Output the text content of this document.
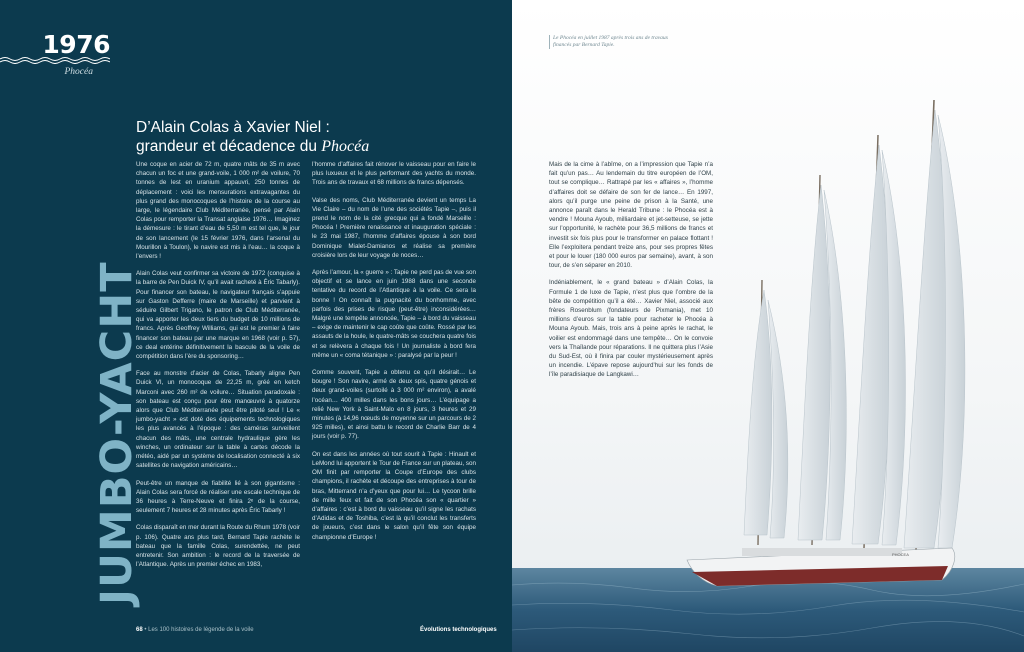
1976
Phocéa
JUMBO-YACHT
D’Alain Colas à Xavier Niel :
grandeur et décadence du Phocéa

Une coque en acier de 72 m, quatre mâts de 35 m avec chacun un foc et une grand-voile, 1 000 m² de voilure, 70 tonnes de lest en uranium appauvri, 250 tonnes de déplacement : voici les mensurations extravagantes du plus grand des monocoques de l’histoire de la course au large, le légendaire Club Méditerranée, pensé par Alain Colas pour remporter la Transat anglaise 1976… Imaginez la démesure : le tirant d’eau de 5,50 m est tel que, le jour de son lancement (le 15 février 1976, dans l’arsenal du Mourillon à Toulon), le navire est mis à l’eau… la coque à l’envers !

Alain Colas veut confirmer sa victoire de 1972 (conquise à la barre de Pen Duick IV, qu’il avait racheté à Éric Tabarly). Pour financer son bateau, le navigateur français s’appuie sur Gaston Defferre (maire de Marseille) et parvient à séduire Gilbert Trigano, le patron de Club Méditerranée, qui va apporter les deux tiers du budget de 10 millions de francs. Après Geoffrey Williams, qui est le premier à faire financer son bateau par une marque en 1968 (voir p. 57), ce deal entérine définitivement la bascule de la voile de compétition dans l’ère du sponsoring…

Face au monstre d’acier de Colas, Tabarly aligne Pen Duick VI, un monocoque de 22,25 m, gréé en ketch Marconi avec 260 m² de voilure… Situation paradoxale : son bateau est conçu pour être manœuvré à quatorze alors que Club Méditerranée peut être piloté seul ! Le « jumbo-yacht » est doté des équipements technologiques les plus avancés à l’époque : des caméras surveillent chacun des mâts, une centrale hydraulique gère les winches, un ordinateur sur la table à cartes décode la météo, aidé par un système de localisation connecté à six satellites de navigation américains…

Peut-être un manque de fiabilité lié à son gigantisme : Alain Colas sera forcé de réaliser une escale technique de 36 heures à Terre-Neuve et finira 2ᵉ de la course, seulement 7 heures et 28 minutes après Éric Tabarly !

Colas disparaît en mer durant la Route du Rhum 1978 (voir p. 106). Quatre ans plus tard, Bernard Tapie rachète le bateau que la famille Colas, surendettée, ne peut entretenir. Son ambition : le record de la traversée de l’Atlantique. Après un premier échec en 1983,

l’homme d’affaires fait rénover le vaisseau pour en faire le plus luxueux et le plus performant des yachts du monde. Trois ans de travaux et 68 millions de francs dépensés.

Valse des noms, Club Méditerranée devient un temps La Vie Claire – du nom de l’une des sociétés Tapie –, puis il prend le nom de la cité grecque qui a fondé Marseille : Phocéa ! Première renaissance et inauguration spéciale : le 23 mai 1987, l’homme d’affaires épouse à son bord Dominique Mialet-Damianos et réalise sa première croisière lors de leur voyage de noces…

Après l’amour, la « guerre » : Tapie ne perd pas de vue son objectif et se lance en juin 1988 dans une seconde tentative du record de l’Atlantique à la voile. Ce sera la bonne ! On connaît la pugnacité du bonhomme, avec parfois des prises de risque (peut-être) inconsidérées… Malgré une tempête annoncée, Tapie – à bord du vaisseau – exige de maintenir le cap coûte que coûte. Rossé par les assauts de la houle, le quatre-mâts se couchera quatre fois et se relèvera à chaque fois ! Un journaliste à bord fera même un « coma tétanique » : paralysé par la peur !

Comme souvent, Tapie a obtenu ce qu’il désirait… Le bougre ! Son navire, armé de deux spis, quatre génois et deux grand-voiles (surtoilé à 3 000 m² environ), a avalé l’océan… 400 milles dans les bons jours… L’équipage a relié New York à Saint-Malo en 8 jours, 3 heures et 29 minutes (à 14,96 nœuds de moyenne sur un parcours de 2 925 milles), et ainsi battu le record de Charlie Barr de 4 jours (voir p. 77).

On est dans les années où tout sourit à Tapie : Hinault et LeMond lui apportent le Tour de France sur un plateau, son OM finit par remporter la Coupe d’Europe des clubs champions, il rachète et découpe des entreprises à tour de bras, Mitterrand n’a d’yeux que pour lui… Le tycoon brille de mille feux et fait de son Phocéa son « quartier » d’affaires : c’est à bord du vaisseau qu’il signe les rachats d’Adidas et de Toshiba, c’est là qu’il conclut les transferts de joueurs, c’est dans le salon qu’il fête son équipe championne d’Europe !

68 • Les 100 histoires de légende de la voile	Évolutions technologiques
PHOCEA
Le Phocéa en juillet 1987 après trois ans de travaux financés par Bernard Tapie.

Mais de la cime à l’abîme, on a l’impression que Tapie n’a fait qu’un pas… Au lendemain du titre européen de l’OM, tout se complique… Rattrapé par les « affaires », l’homme d’affaires doit se défaire de son fer de lance… En 1997, alors qu’il purge une peine de prison à la Santé, une annonce paraît dans le Herald Tribune : le Phocéa est à vendre ! Mouna Ayoub, milliardaire et jet-setteuse, se jette sur l’opportunité, le rachète pour 36,5 millions de francs et investit six fois plus pour le transformer en palace flottant ! Elle l’exploitera pendant treize ans, pour ses propres fêtes et pour le louer (180 000 euros par semaine), avant, à son tour, de s’en séparer en 2010.

Indéniablement, le « grand bateau » d’Alain Colas, la Formule 1 de luxe de Tapie, n’est plus que l’ombre de la bête de compétition qu’il a été… Xavier Niel, associé aux frères Rosenblum (fondateurs de Pixmania), met 10 millions d’euros sur la table pour racheter le Phocéa à Mouna Ayoub. Mais, trois ans à peine après le rachat, le voilier est endommagé dans une tempête… On le convoie vers la Thaïlande pour réparations. Il ne quittera plus l’Asie du Sud-Est, où il finira par couler mystérieusement après un incendie. L’épave repose aujourd’hui sur les fonds de l’île paradisiaque de Langkawi…
